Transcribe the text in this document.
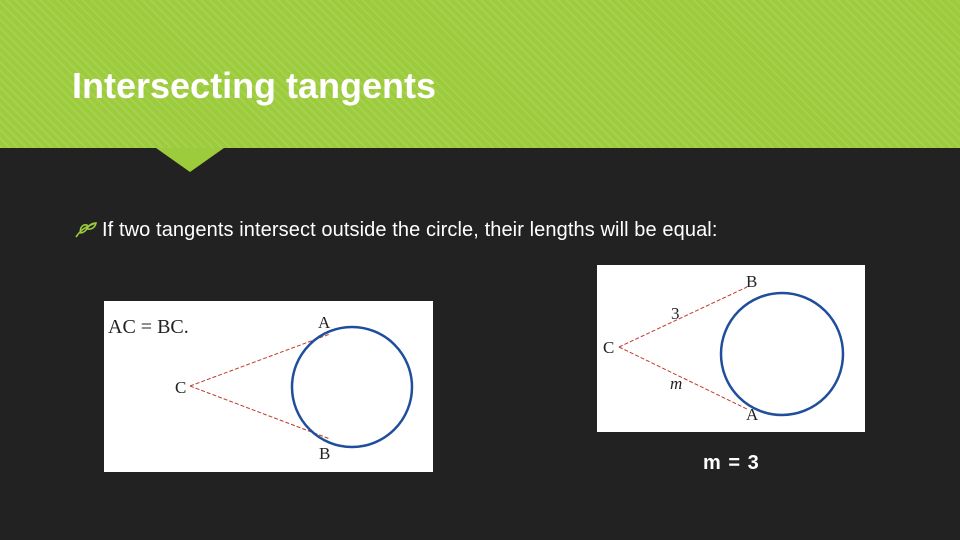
Intersecting tangents
If two tangents intersect outside the circle, their lengths will be equal:
AC = BC.	A
C
B
B
3
C
m
A
m = 3
